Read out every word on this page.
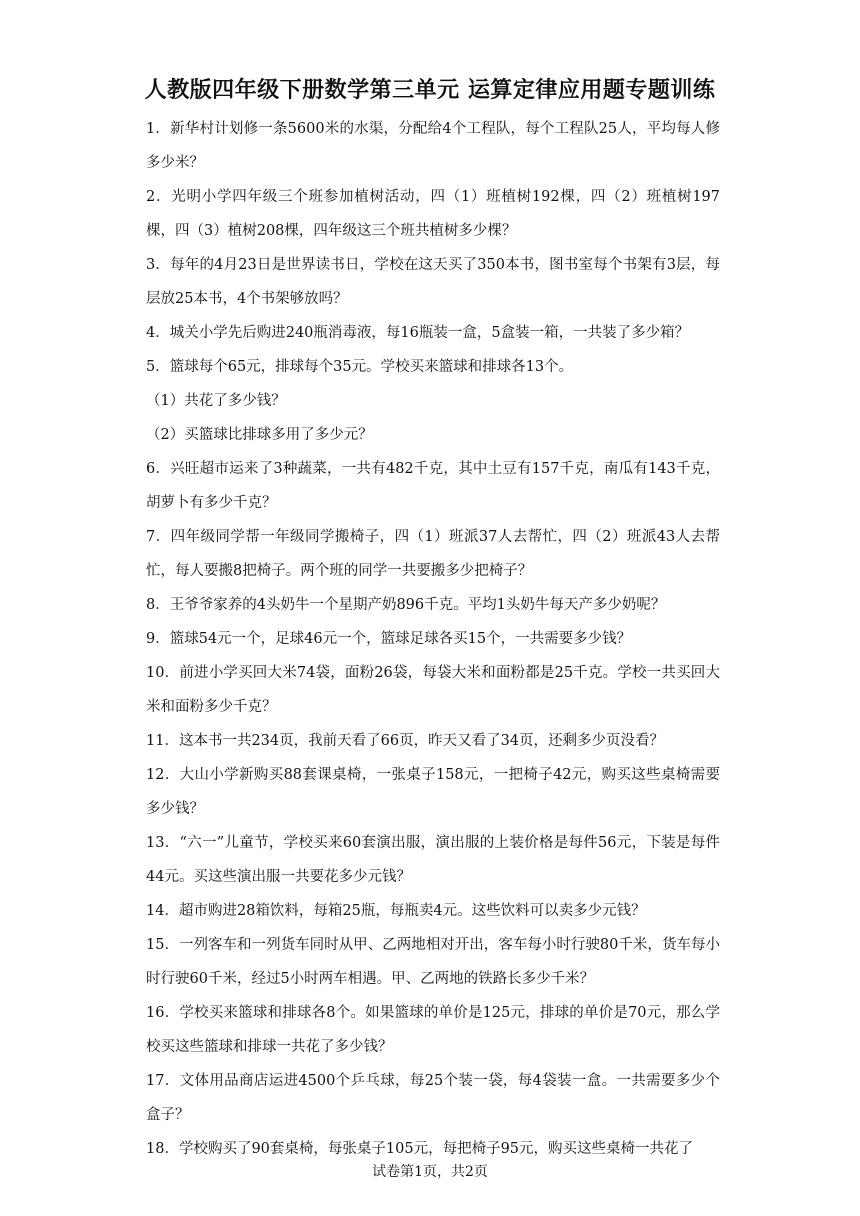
人教版四年级下册数学第三单元 运算定律应用题专题训练

1．新华村计划修一条5600米的水渠，分配给4个工程队，每个工程队25人，平均每人修多少米？

2．光明小学四年级三个班参加植树活动，四（1）班植树192棵，四（2）班植树197棵，四（3）植树208棵，四年级这三个班共植树多少棵？

3．每年的4月23日是世界读书日，学校在这天买了350本书，图书室每个书架有3层，每层放25本书，4个书架够放吗？

4．城关小学先后购进240瓶消毒液，每16瓶装一盒，5盒装一箱，一共装了多少箱？

5．篮球每个65元，排球每个35元。学校买来篮球和排球各13个。

（1）共花了多少钱？

（2）买篮球比排球多用了多少元？

6．兴旺超市运来了3种蔬菜，一共有482千克，其中土豆有157千克，南瓜有143千克，胡萝卜有多少千克？

7．四年级同学帮一年级同学搬椅子，四（1）班派37人去帮忙，四（2）班派43人去帮忙，每人要搬8把椅子。两个班的同学一共要搬多少把椅子？

8．王爷爷家养的4头奶牛一个星期产奶896千克。平均1头奶牛每天产多少奶呢？

9．篮球54元一个，足球46元一个，篮球足球各买15个，一共需要多少钱？

10．前进小学买回大米74袋，面粉26袋，每袋大米和面粉都是25千克。学校一共买回大米和面粉多少千克？

11．这本书一共234页，我前天看了66页，昨天又看了34页，还剩多少页没看？

12．大山小学新购买88套课桌椅，一张桌子158元，一把椅子42元，购买这些桌椅需要多少钱？

13．“六一”儿童节，学校买来60套演出服，演出服的上装价格是每件56元，下装是每件44元。买这些演出服一共要花多少元钱？

14．超市购进28箱饮料，每箱25瓶，每瓶卖4元。这些饮料可以卖多少元钱？

15．一列客车和一列货车同时从甲、乙两地相对开出，客车每小时行驶80千米，货车每小时行驶60千米，经过5小时两车相遇。甲、乙两地的铁路长多少千米？

16．学校买来篮球和排球各8个。如果篮球的单价是125元，排球的单价是70元，那么学校买这些篮球和排球一共花了多少钱？

17．文体用品商店运进4500个乒乓球，每25个装一袋，每4袋装一盒。一共需要多少个盒子？

18．学校购买了90套桌椅，每张桌子105元，每把椅子95元，购买这些桌椅一共花了

试卷第1页，共2页
